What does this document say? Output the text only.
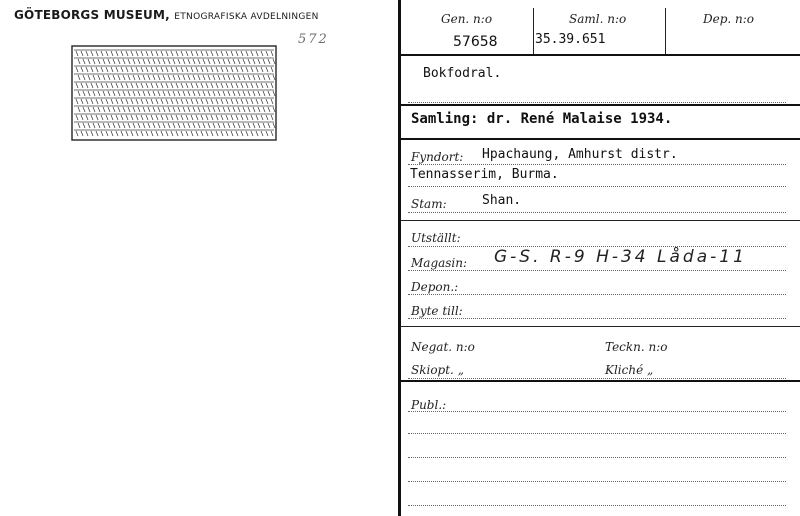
GÖTEBORGS MUSEUM, ETNOGRAFISKA AVDELNINGEN
572
Gen. n:o	Saml. n:o	Dep. n:o
57658	35.39.651
Bokfodral.
Samling: dr. René Malaise 1934.
Fyndort: Hpachaung, Amhurst distr.
Tennasserim, Burma.
Stam:	Shan.
Utställt:
Magasin: G-S. R-9 H-34 Låda-11
Depon.:
Byte till:
Negat. n:o	Teckn. n:o
Skiopt. „	Kliché „
Publ.:
